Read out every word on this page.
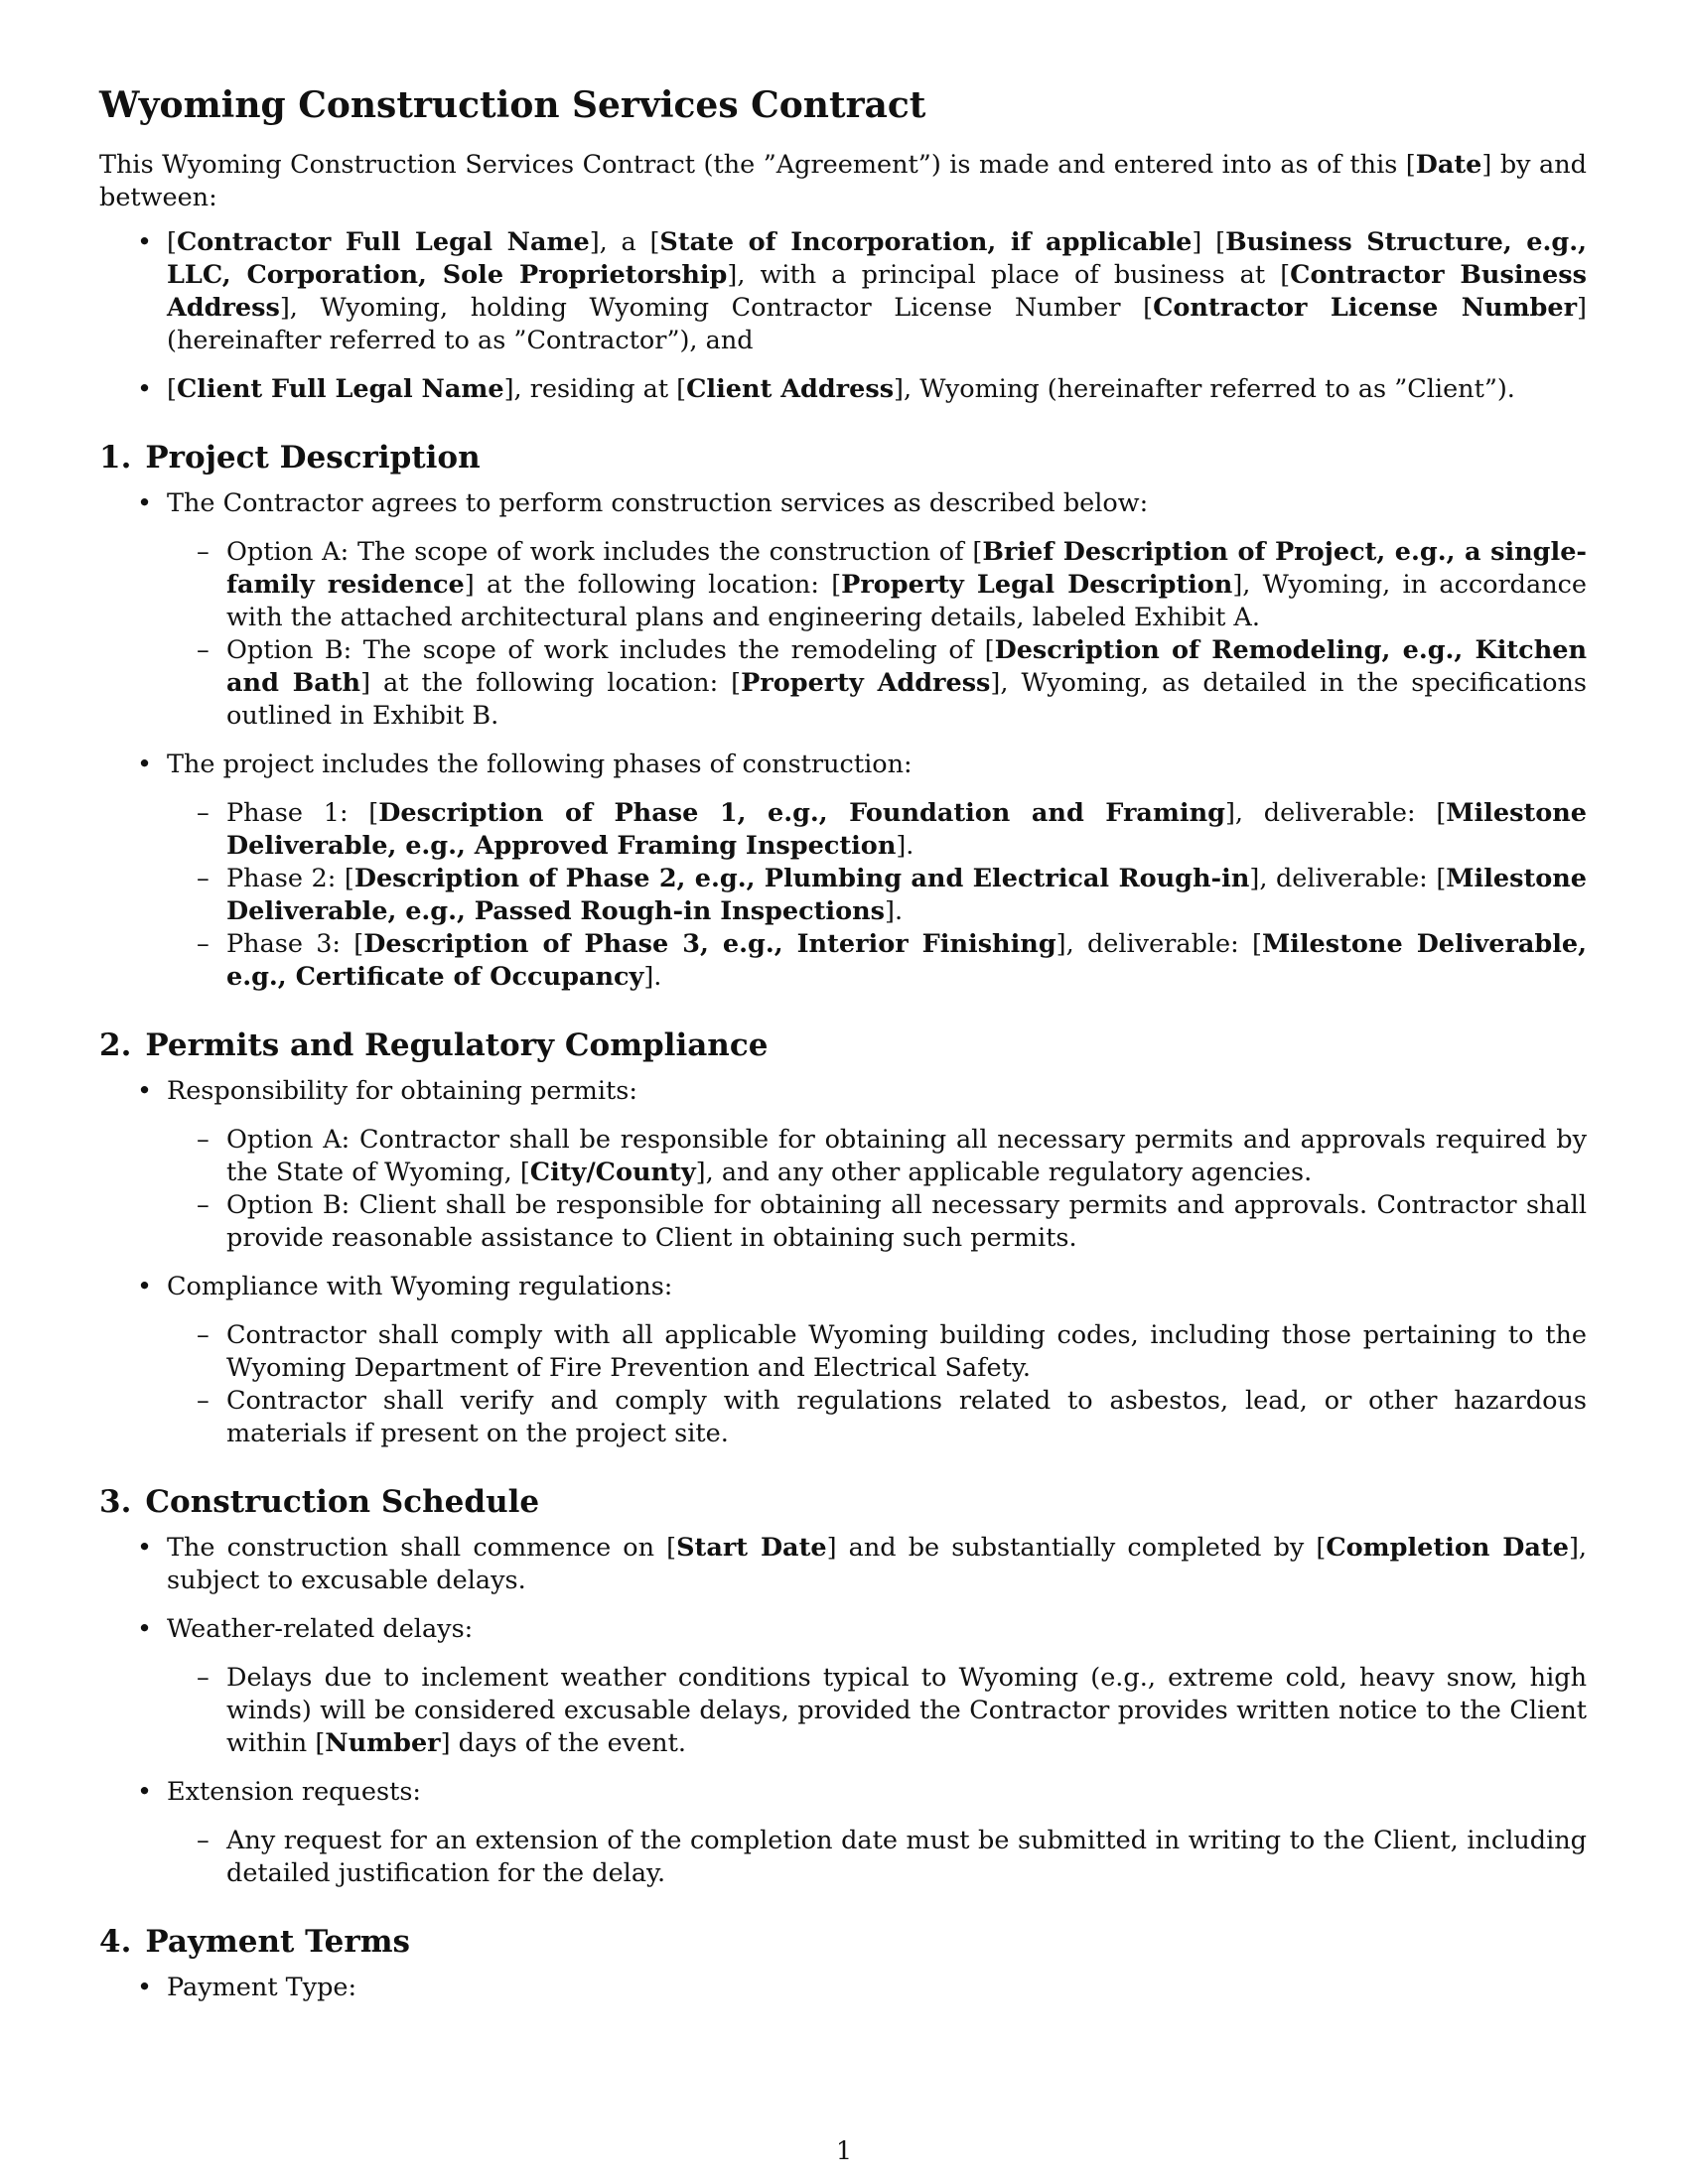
Wyoming Construction Services Contract

This Wyoming Construction Services Contract (the ”Agreement”) is made and entered into as of this [Date] by and between:

• [Contractor Full Legal Name], a [State of Incorporation, if applicable] [Business Structure, e.g., LLC, Corporation, Sole Proprietorship], with a principal place of business at [Contractor Business Address], Wyoming, holding Wyoming Contractor License Number [Contractor License Number] (hereinafter referred to as ”Contractor”), and
• [Client Full Legal Name], residing at [Client Address], Wyoming (hereinafter referred to as ”Client”).
1. Project Description
• The Contractor agrees to perform construction services as described below:
– Option A: The scope of work includes the construction of [Brief Description of Project, e.g., a single-family residence] at the following location: [Property Legal Description], Wyoming, in accordance with the attached architectural plans and engineering details, labeled Exhibit A.
– Option B: The scope of work includes the remodeling of [Description of Remodeling, e.g., Kitchen and Bath] at the following location: [Property Address], Wyoming, as detailed in the specifications outlined in Exhibit B.
• The project includes the following phases of construction:
– Phase 1: [Description of Phase 1, e.g., Foundation and Framing], deliverable: [Milestone Deliverable, e.g., Approved Framing Inspection].
– Phase 2: [Description of Phase 2, e.g., Plumbing and Electrical Rough-in], deliverable: [Milestone Deliverable, e.g., Passed Rough-in Inspections].
– Phase 3: [Description of Phase 3, e.g., Interior Finishing], deliverable: [Milestone Deliverable, e.g., Certificate of Occupancy].
2. Permits and Regulatory Compliance
• Responsibility for obtaining permits:
– Option A: Contractor shall be responsible for obtaining all necessary permits and approvals required by the State of Wyoming, [City/County], and any other applicable regulatory agencies.
– Option B: Client shall be responsible for obtaining all necessary permits and approvals. Contractor shall provide reasonable assistance to Client in obtaining such permits.
• Compliance with Wyoming regulations:
– Contractor shall comply with all applicable Wyoming building codes, including those pertaining to the Wyoming Department of Fire Prevention and Electrical Safety.
– Contractor shall verify and comply with regulations related to asbestos, lead, or other hazardous materials if present on the project site.
3. Construction Schedule
• The construction shall commence on [Start Date] and be substantially completed by [Completion Date], subject to excusable delays.
• Weather-related delays:
– Delays due to inclement weather conditions typical to Wyoming (e.g., extreme cold, heavy snow, high winds) will be considered excusable delays, provided the Contractor provides written notice to the Client within [Number] days of the event.
• Extension requests:
– Any request for an extension of the completion date must be submitted in writing to the Client, including detailed justification for the delay.
4. Payment Terms
• Payment Type:
1
